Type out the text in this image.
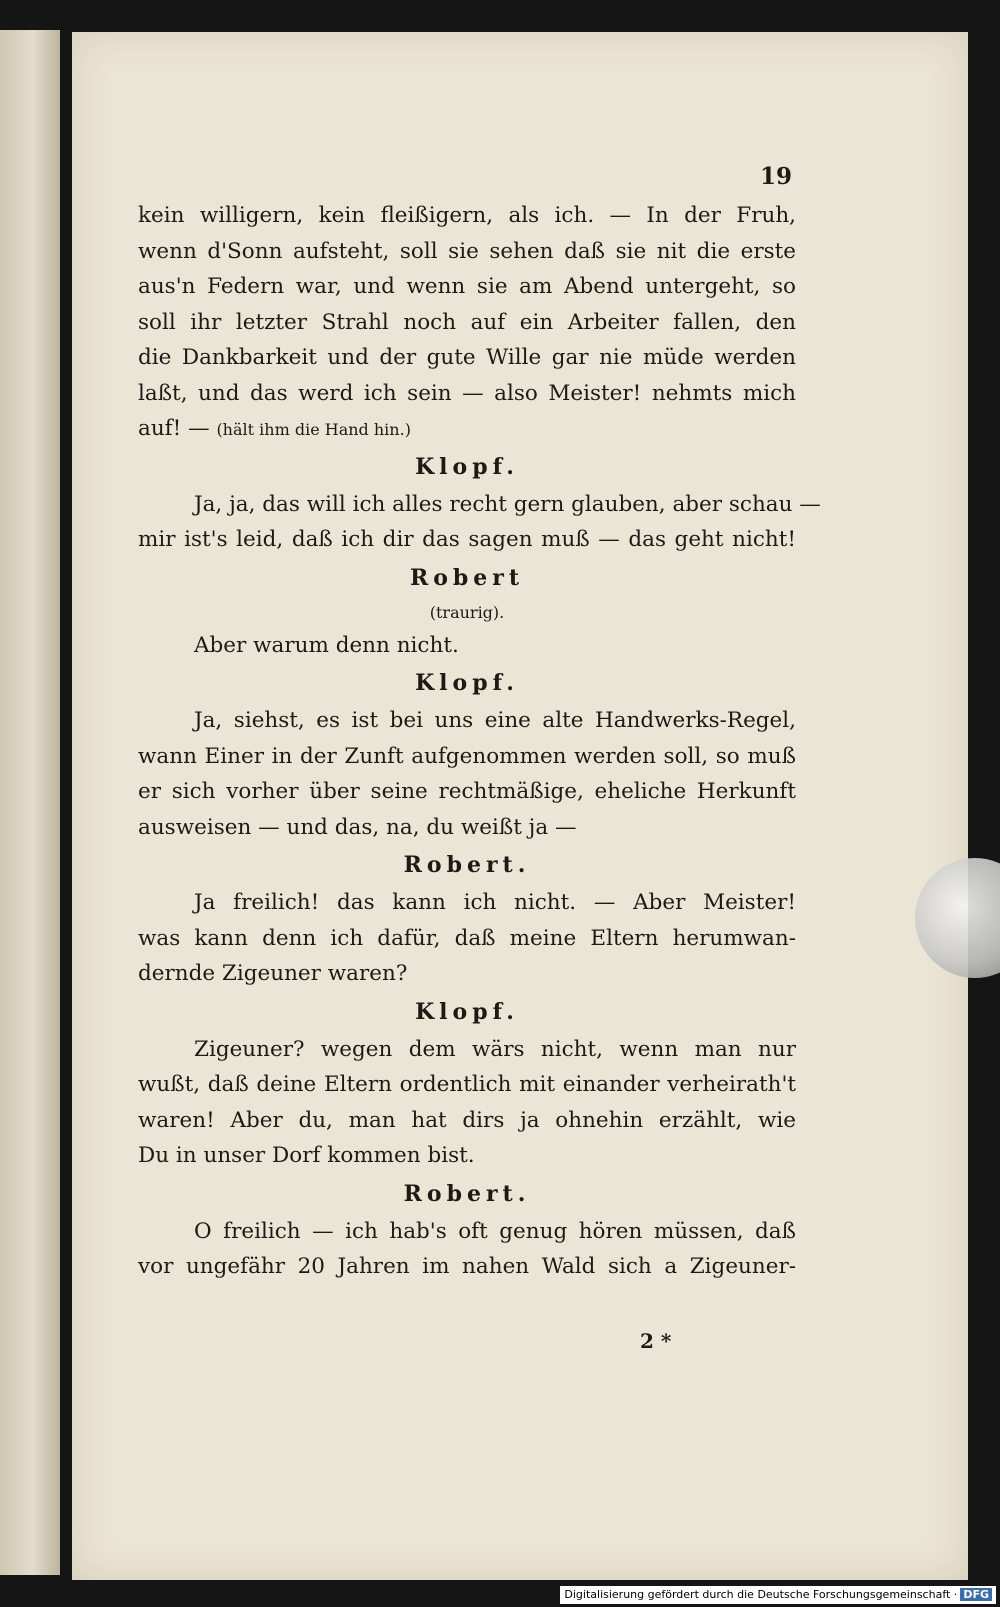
19
kein willigern, kein fleißigern, als ich. — In der Fruh,
wenn d'Sonn aufsteht, soll sie sehen daß sie nit die erste
aus'n Federn war, und wenn sie am Abend untergeht, so
soll ihr letzter Strahl noch auf ein Arbeiter fallen, den
die Dankbarkeit und der gute Wille gar nie müde werden
laßt, und das werd ich sein — also Meister! nehmts mich
auf! — (hält ihm die Hand hin.)
Klopf.
Ja, ja, das will ich alles recht gern glauben, aber schau —
mir ist's leid, daß ich dir das sagen muß — das geht nicht!
Robert
(traurig).
Aber warum denn nicht.
Klopf.
Ja, siehst, es ist bei uns eine alte Handwerks-Regel,
wann Einer in der Zunft aufgenommen werden soll, so muß
er sich vorher über seine rechtmäßige, eheliche Herkunft
ausweisen — und das, na, du weißt ja —
Robert.
Ja freilich! das kann ich nicht. — Aber Meister!
was kann denn ich dafür, daß meine Eltern herumwan-
dernde Zigeuner waren?
Klopf.
Zigeuner? wegen dem wärs nicht, wenn man nur
wußt, daß deine Eltern ordentlich mit einander verheirath't
waren! Aber du, man hat dirs ja ohnehin erzählt, wie
Du in unser Dorf kommen bist.
Robert.
O freilich — ich hab's oft genug hören müssen, daß
vor ungefähr 20 Jahren im nahen Wald sich a Zigeuner-
2 *
Digitalisierung gefördert durch die Deutsche Forschungsgemeinschaft · DFG
